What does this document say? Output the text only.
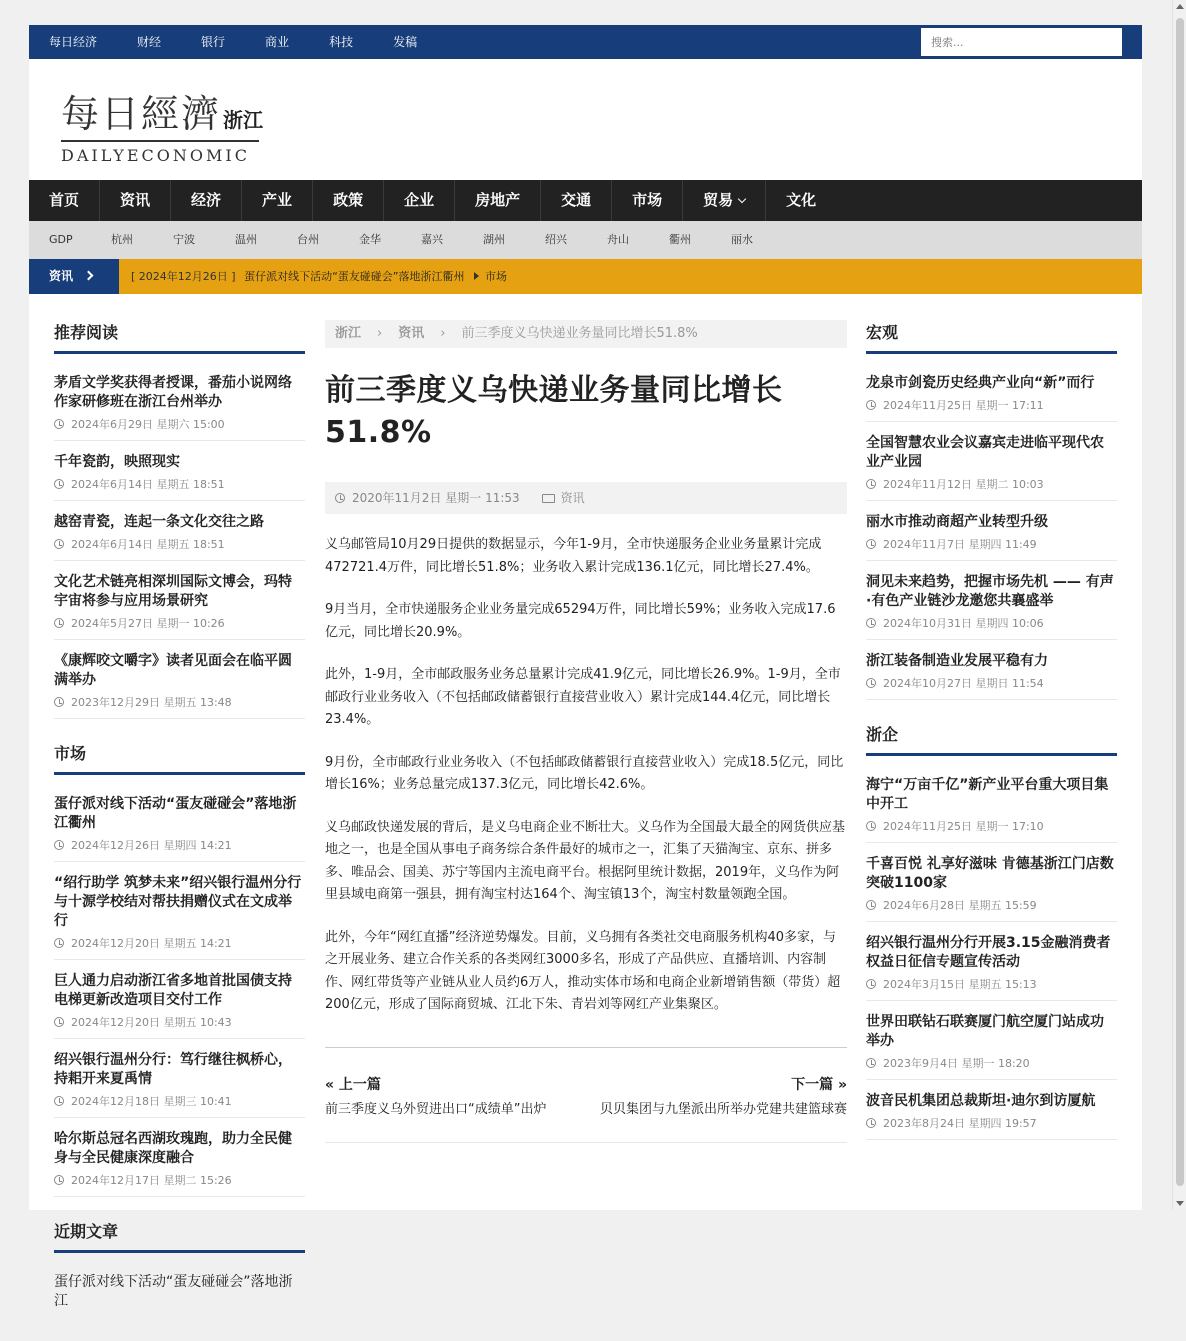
每日经济	财经	银行	商业	科技	发稿
搜索...
每日經濟 浙江
DAILYECONOMIC
首页	资讯	经济	产业	政策	企业	房地产	交通	市场	贸易	文化
GDP	杭州	宁波	温州	台州	金华	嘉兴	湖州	绍兴	舟山	衢州	丽水
资讯	[ 2024年12月26日 ] 蛋仔派对线下活动“蛋友碰碰会”落地浙江衢州 市场
推荐阅读
茅盾文学奖获得者授课，番茄小说网络作家研修班在浙江台州举办
2024年6月29日 星期六 15:00
千年瓷韵，映照现实
2024年6月14日 星期五 18:51
越窑青瓷，连起一条文化交往之路
2024年6月14日 星期五 18:51
文化艺术链亮相深圳国际文博会，玛特宇宙将参与应用场景研究
2024年5月27日 星期一 10:26
《康辉咬文嚼字》读者见面会在临平圆满举办
2023年12月29日 星期五 13:48
市场
蛋仔派对线下活动“蛋友碰碰会”落地浙江衢州
2024年12月26日 星期四 14:21
“绍行助学 筑梦未来”绍兴银行温州分行与十源学校结对帮扶捐赠仪式在文成举行
2024年12月20日 星期五 14:21
巨人通力启动浙江省多地首批国债支持电梯更新改造项目交付工作
2024年12月20日 星期五 10:43
绍兴银行温州分行：笃行继往枫桥心，持耜开来夏禹情
2024年12月18日 星期三 10:41
哈尔斯总冠名西湖玫瑰跑，助力全民健身与全民健康深度融合
2024年12月17日 星期二 15:26
近期文章
蛋仔派对线下活动“蛋友碰碰会”落地浙江
浙江 › 资讯 › 前三季度义乌快递业务量同比增长51.8%
前三季度义乌快递业务量同比增长51.8%
2020年11月2日 星期一 11:53	资讯

义乌邮管局10月29日提供的数据显示，今年1-9月，全市快递服务企业业务量累计完成472721.4万件，同比增长51.8%；业务收入累计完成136.1亿元，同比增长27.4%。

9月当月，全市快递服务企业业务量完成65294万件，同比增长59%；业务收入完成17.6亿元，同比增长20.9%。

此外，1-9月，全市邮政服务业务总量累计完成41.9亿元，同比增长26.9%。1-9月，全市邮政行业业务收入（不包括邮政储蓄银行直接营业收入）累计完成144.4亿元，同比增长23.4%。

9月份，全市邮政行业业务收入（不包括邮政储蓄银行直接营业收入）完成18.5亿元，同比增长16%；业务总量完成137.3亿元，同比增长42.6%。

义乌邮政快递发展的背后，是义乌电商企业不断壮大。义乌作为全国最大最全的网货供应基地之一，也是全国从事电子商务综合条件最好的城市之一，汇集了天猫淘宝、京东、拼多多、唯品会、国美、苏宁等国内主流电商平台。根据阿里统计数据，2019年，义乌作为阿里县域电商第一强县，拥有淘宝村达164个、淘宝镇13个，淘宝村数量领跑全国。

此外，今年“网红直播”经济逆势爆发。目前，义乌拥有各类社交电商服务机构40多家，与之开展业务、建立合作关系的各类网红3000多名，形成了产品供应、直播培训、内容制作、网红带货等产业链从业人员约6万人，推动实体市场和电商企业新增销售额（带货）超200亿元，形成了国际商贸城、江北下朱、青岩刘等网红产业集聚区。

« 上一篇
前三季度义乌外贸进出口“成绩单”出炉
下一篇 »
贝贝集团与九堡派出所举办党建共建篮球赛
宏观
龙泉市剑瓷历史经典产业向“新”而行
2024年11月25日 星期一 17:11
全国智慧农业会议嘉宾走进临平现代农业产业园
2024年11月12日 星期二 10:03
丽水市推动商超产业转型升级
2024年11月7日 星期四 11:49
洞见未来趋势，把握市场先机 —— 有声·有色产业链沙龙邀您共襄盛举
2024年10月31日 星期四 10:06
浙江装备制造业发展平稳有力
2024年10月27日 星期日 11:54
浙企
海宁“万亩千亿”新产业平台重大项目集中开工
2024年11月25日 星期一 17:10
千喜百悦 礼享好滋味 肯德基浙江门店数突破1100家
2024年6月28日 星期五 15:59
绍兴银行温州分行开展3.15金融消费者权益日征信专题宣传活动
2024年3月15日 星期五 15:13
世界田联钻石联赛厦门航空厦门站成功举办
2023年9月4日 星期一 18:20
波音民机集团总裁斯坦·迪尔到访厦航
2023年8月24日 星期四 19:57
